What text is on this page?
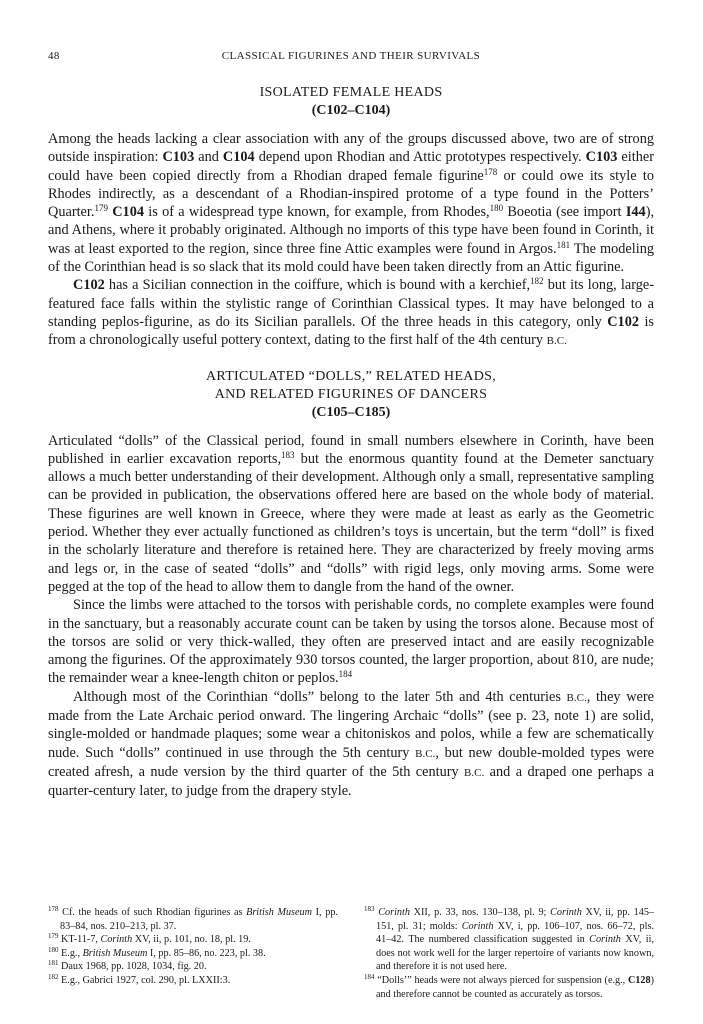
48	CLASSICAL FIGURINES AND THEIR SURVIVALS
ISOLATED FEMALE HEADS
(C102–C104)

Among the heads lacking a clear association with any of the groups discussed above, two are of strong outside inspiration: C103 and C104 depend upon Rhodian and Attic prototypes respectively. C103 either could have been copied directly from a Rhodian draped female figurine$^{178}$ or could owe its style to Rhodes indirectly, as a descendant of a Rhodian-inspired protome of a type found in the Potters’ Quarter.$^{179}$ C104 is of a widespread type known, for example, from Rhodes,$^{180}$ Boeotia (see import I44), and Athens, where it probably originated. Although no imports of this type have been found in Corinth, it was at least exported to the region, since three fine Attic examples were found in Argos.$^{181}$ The modeling of the Corinthian head is so slack that its mold could have been taken directly from an Attic figurine.

C102 has a Sicilian connection in the coiffure, which is bound with a kerchief,$^{182}$ but its long, large-featured face falls within the stylistic range of Corinthian Classical types. It may have belonged to a standing peplos-figurine, as do its Sicilian parallels. Of the three heads in this category, only C102 is from a chronologically useful pottery context, dating to the first half of the 4th century B.C.

ARTICULATED “DOLLS,” RELATED HEADS,
AND RELATED FIGURINES OF DANCERS
(C105–C185)

Articulated “dolls” of the Classical period, found in small numbers elsewhere in Corinth, have been published in earlier excavation reports,$^{183}$ but the enormous quantity found at the Demeter sanctuary allows a much better understanding of their development. Although only a small, representative sampling can be provided in publication, the observations offered here are based on the whole body of material. These figurines are well known in Greece, where they were made at least as early as the Geometric period. Whether they ever actually functioned as children’s toys is uncertain, but the term “doll” is fixed in the scholarly literature and therefore is retained here. They are characterized by freely moving arms and legs or, in the case of seated “dolls” and “dolls” with rigid legs, only moving arms. Some were pegged at the top of the head to allow them to dangle from the hand of the owner.

Since the limbs were attached to the torsos with perishable cords, no complete examples were found in the sanctuary, but a reasonably accurate count can be taken by using the torsos alone. Because most of the torsos are solid or very thick-walled, they often are preserved intact and are easily recognizable among the figurines. Of the approximately 930 torsos counted, the larger proportion, about 810, are nude; the remainder wear a knee-length chiton or peplos.$^{184}$

Although most of the Corinthian “dolls” belong to the later 5th and 4th centuries B.C., they were made from the Late Archaic period onward. The lingering Archaic “dolls” (see p. 23, note 1) are solid, single-molded or handmade plaques; some wear a chitoniskos and polos, while a few are schematically nude. Such “dolls” continued in use through the 5th century B.C., but new double-molded types were created afresh, a nude version by the third quarter of the 5th century B.C. and a draped one perhaps a quarter-century later, to judge from the drapery style.

$^{178}$ Cf. the heads of such Rhodian figurines as British Museum I, pp. 83–84, nos. 210–213, pl. 37.

$^{179}$ KT-11-7, Corinth XV, ii, p. 101, no. 18, pl. 19.

$^{180}$ E.g., British Museum I, pp. 85–86, no. 223, pl. 38.

$^{181}$ Daux 1968, pp. 1028, 1034, fig. 20.

$^{182}$ E.g., Gabrici 1927, col. 290, pl. LXXII:3.

$^{183}$ Corinth XII, p. 33, nos. 130–138, pl. 9; Corinth XV, ii, pp. 145–151, pl. 31; molds: Corinth XV, i, pp. 106–107, nos. 66–72, pls. 41–42. The numbered classification suggested in Corinth XV, ii, does not work well for the larger repertoire of variants now known, and therefore it is not used here.

$^{184}$ “Dolls’” heads were not always pierced for suspension (e.g., C128) and therefore cannot be counted as accurately as torsos.
